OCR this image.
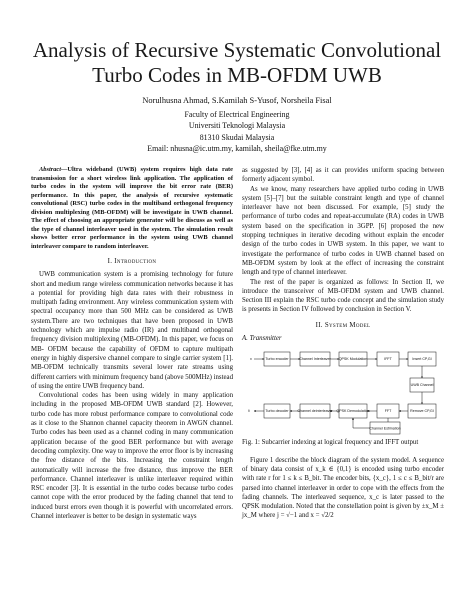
Analysis of Recursive Systematic Convolutional Turbo Codes in MB-OFDM UWB
Norulhusna Ahmad, S.Kamilah S-Yusof, Norsheila Fisal
Faculty of Electrical Engineering
Universiti Teknologi Malaysia
81310 Skudai Malaysia
Email: nhusna@ic.utm.my, kamilah, sheila@fke.utm.my

Abstract—Ultra wideband (UWB) system requires high data rate transmission for a short wireless link application. The application of turbo codes in the system will improve the bit error rate (BER) performance. In this paper, the analysis of recursive systematic convolutional (RSC) turbo codes in the multiband orthogonal frequency division multiplexing (MB-OFDM) will be investigate in UWB channel. The effect of choosing an appropriate generator will be discuss as well as the type of channel interleaver used in the system. The simulation result shows better error performance in the system using UWB channel interleaver compare to random interleaver.

I. Introduction

UWB communication system is a promising technology for future short and medium range wireless communication networks because it has a potential for providing high data rates with their robustness in multipath fading environment. Any wireless communication system with spectral occupancy more than 500 MHz can be considered as UWB system.There are two techniques that have been proposed in UWB technology which are impulse radio (IR) and multiband orthogonal frequency division multiplexing (MB-OFDM). In this paper, we focus on MB- OFDM because the capability of OFDM to capture multipath energy in highly dispersive channel compare to single carrier system [1]. MB-OFDM technically transmits several lower rate streams using different carriers with minimum frequency band (above 500MHz) instead of using the entire UWB frequency band.

Convolutional codes has been using widely in many application including in the proposed MB-OFDM UWB standard [2]. However, turbo code has more robust performance compare to convolutional code as it close to the Shannon channel capacity theorem in AWGN channel. Turbo codes has been used as a channel coding in many communication application because of the good BER performance but with average decoding complexity. One way to improve the error floor is by increasing the free distance of the bits. Increasing the constraint length automatically will increase the free distance, thus improve the BER performance. Channel interleaver is unlike interleaver required within RSC encoder [3]. It is essential in the turbo codes because turbo codes cannot cope with the error produced by the fading channel that tend to induced burst errors even though it is powerful with uncorrelated errors. Channel interleaver is better to be design in systematic ways

as suggested by [3], [4] as it can provides uniform spacing between formerly adjacent symbol.

As we know, many researchers have applied turbo coding in UWB system [5]–[7] but the suitable constraint length and type of channel interleaver have not been discussed. For example, [5] study the performance of turbo codes and repeat-accumulate (RA) codes in UWB system based on the specification in 3GPP. [6] proposed the new stopping techniques in iterative decoding without explain the encoder design of the turbo codes in UWB system. In this paper, we want to investigate the performance of turbo codes in UWB channel based on MB-OFDM system by look at the effect of increasing the constraint length and type of channel interleaver.

The rest of the paper is organized as follows: In Section II, we introduce the transceiver of MB-OFDM system and UWB channel. Section III explain the RSC turbo code concept and the simulation study is presents in Section IV followed by conclusion in Section V.

II. System Model
A. Transmitter
x	Turbo encoder	Channel Interleaver QPSK Modulation	IFFT	Insert CP,GI
UWB Channel
Remove CP,GI
FFT
QPSK Demodulation
Channel deinterleaver
Turbo decoder
x̂
Channel Estimation

Fig. 1: Subcarrier indexing at logical frequency and IFFT output

Figure 1 describe the block diagram of the system model. A sequence of binary data consist of x_k ∈ {0,1} is encoded using turbo encoder with rate r for 1 ≤ k ≤ B_bit. The encoder bits, {x_c}, 1 ≤ c ≤ B_bit/r are parsed into channel interleaver in order to cope with the effects from the fading channels. The interleaved sequence, x_c is later passed to the QPSK modulation. Noted that the constellation point is given by ±x_M ± jx_M where j = √−1 and x = √2/2
